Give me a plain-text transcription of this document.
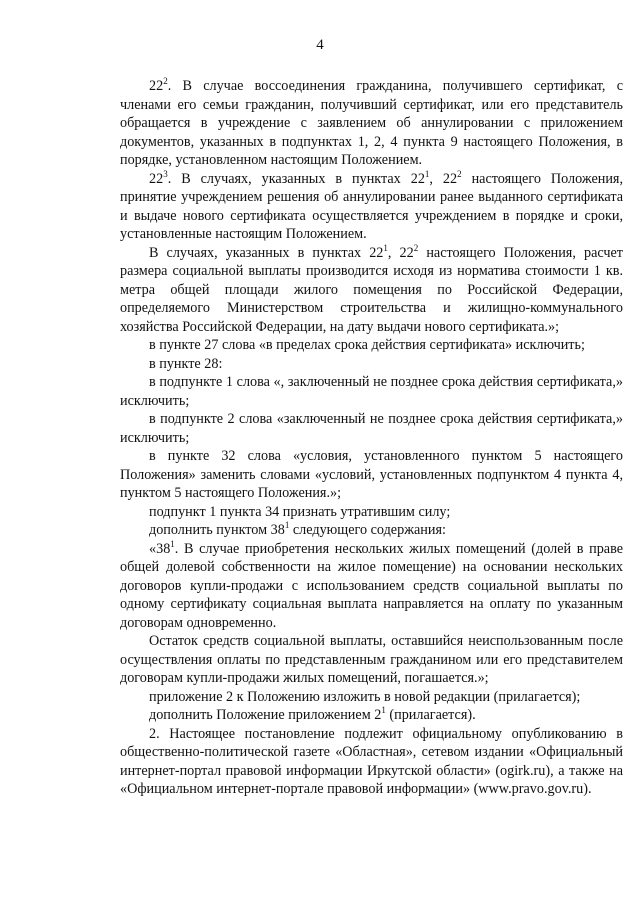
4

$22^2$. В случае воссоединения гражданина, получившего сертификат, с членами его семьи гражданин, получивший сертификат, или его представитель обращается в учреждение с заявлением об аннулировании с приложением документов, указанных в подпунктах 1, 2, 4 пункта 9 настоящего Положения, в порядке, установленном настоящим Положением.

$22^3$. В случаях, указанных в пунктах $22^1$, $22^2$ настоящего Положения, принятие учреждением решения об аннулировании ранее выданного сертификата и выдаче нового сертификата осуществляется учреждением в порядке и сроки, установленные настоящим Положением.

В случаях, указанных в пунктах $22^1$, $22^2$ настоящего Положения, расчет размера социальной выплаты производится исходя из норматива стоимости 1 кв. метра общей площади жилого помещения по Российской Федерации, определяемого Министерством строительства и жилищно-коммунального хозяйства Российской Федерации, на дату выдачи нового сертификата.»;

в пункте 27 слова «в пределах срока действия сертификата» исключить;

в пункте 28:

в подпункте 1 слова «, заключенный не позднее срока действия сертификата,» исключить;

в подпункте 2 слова «заключенный не позднее срока действия сертификата,» исключить;

в пункте 32 слова «условия, установленного пунктом 5 настоящего Положения» заменить словами «условий, установленных подпунктом 4 пункта 4, пунктом 5 настоящего Положения.»;

подпункт 1 пункта 34 признать утратившим силу;

дополнить пунктом $38^1$ следующего содержания:

«$38^1$. В случае приобретения нескольких жилых помещений (долей в праве общей долевой собственности на жилое помещение) на основании нескольких договоров купли-продажи с использованием средств социальной выплаты по одному сертификату социальная выплата направляется на оплату по указанным договорам одновременно.

Остаток средств социальной выплаты, оставшийся неиспользованным после осуществления оплаты по представленным гражданином или его представителем договорам купли-продажи жилых помещений, погашается.»;

приложение 2 к Положению изложить в новой редакции (прилагается);

дополнить Положение приложением $2^1$ (прилагается).

2. Настоящее постановление подлежит официальному опубликованию в общественно-политической газете «Областная», сетевом издании «Официальный интернет-портал правовой информации Иркутской области» (ogirk.ru), а также на «Официальном интернет-портале правовой информации» (www.pravo.gov.ru).
